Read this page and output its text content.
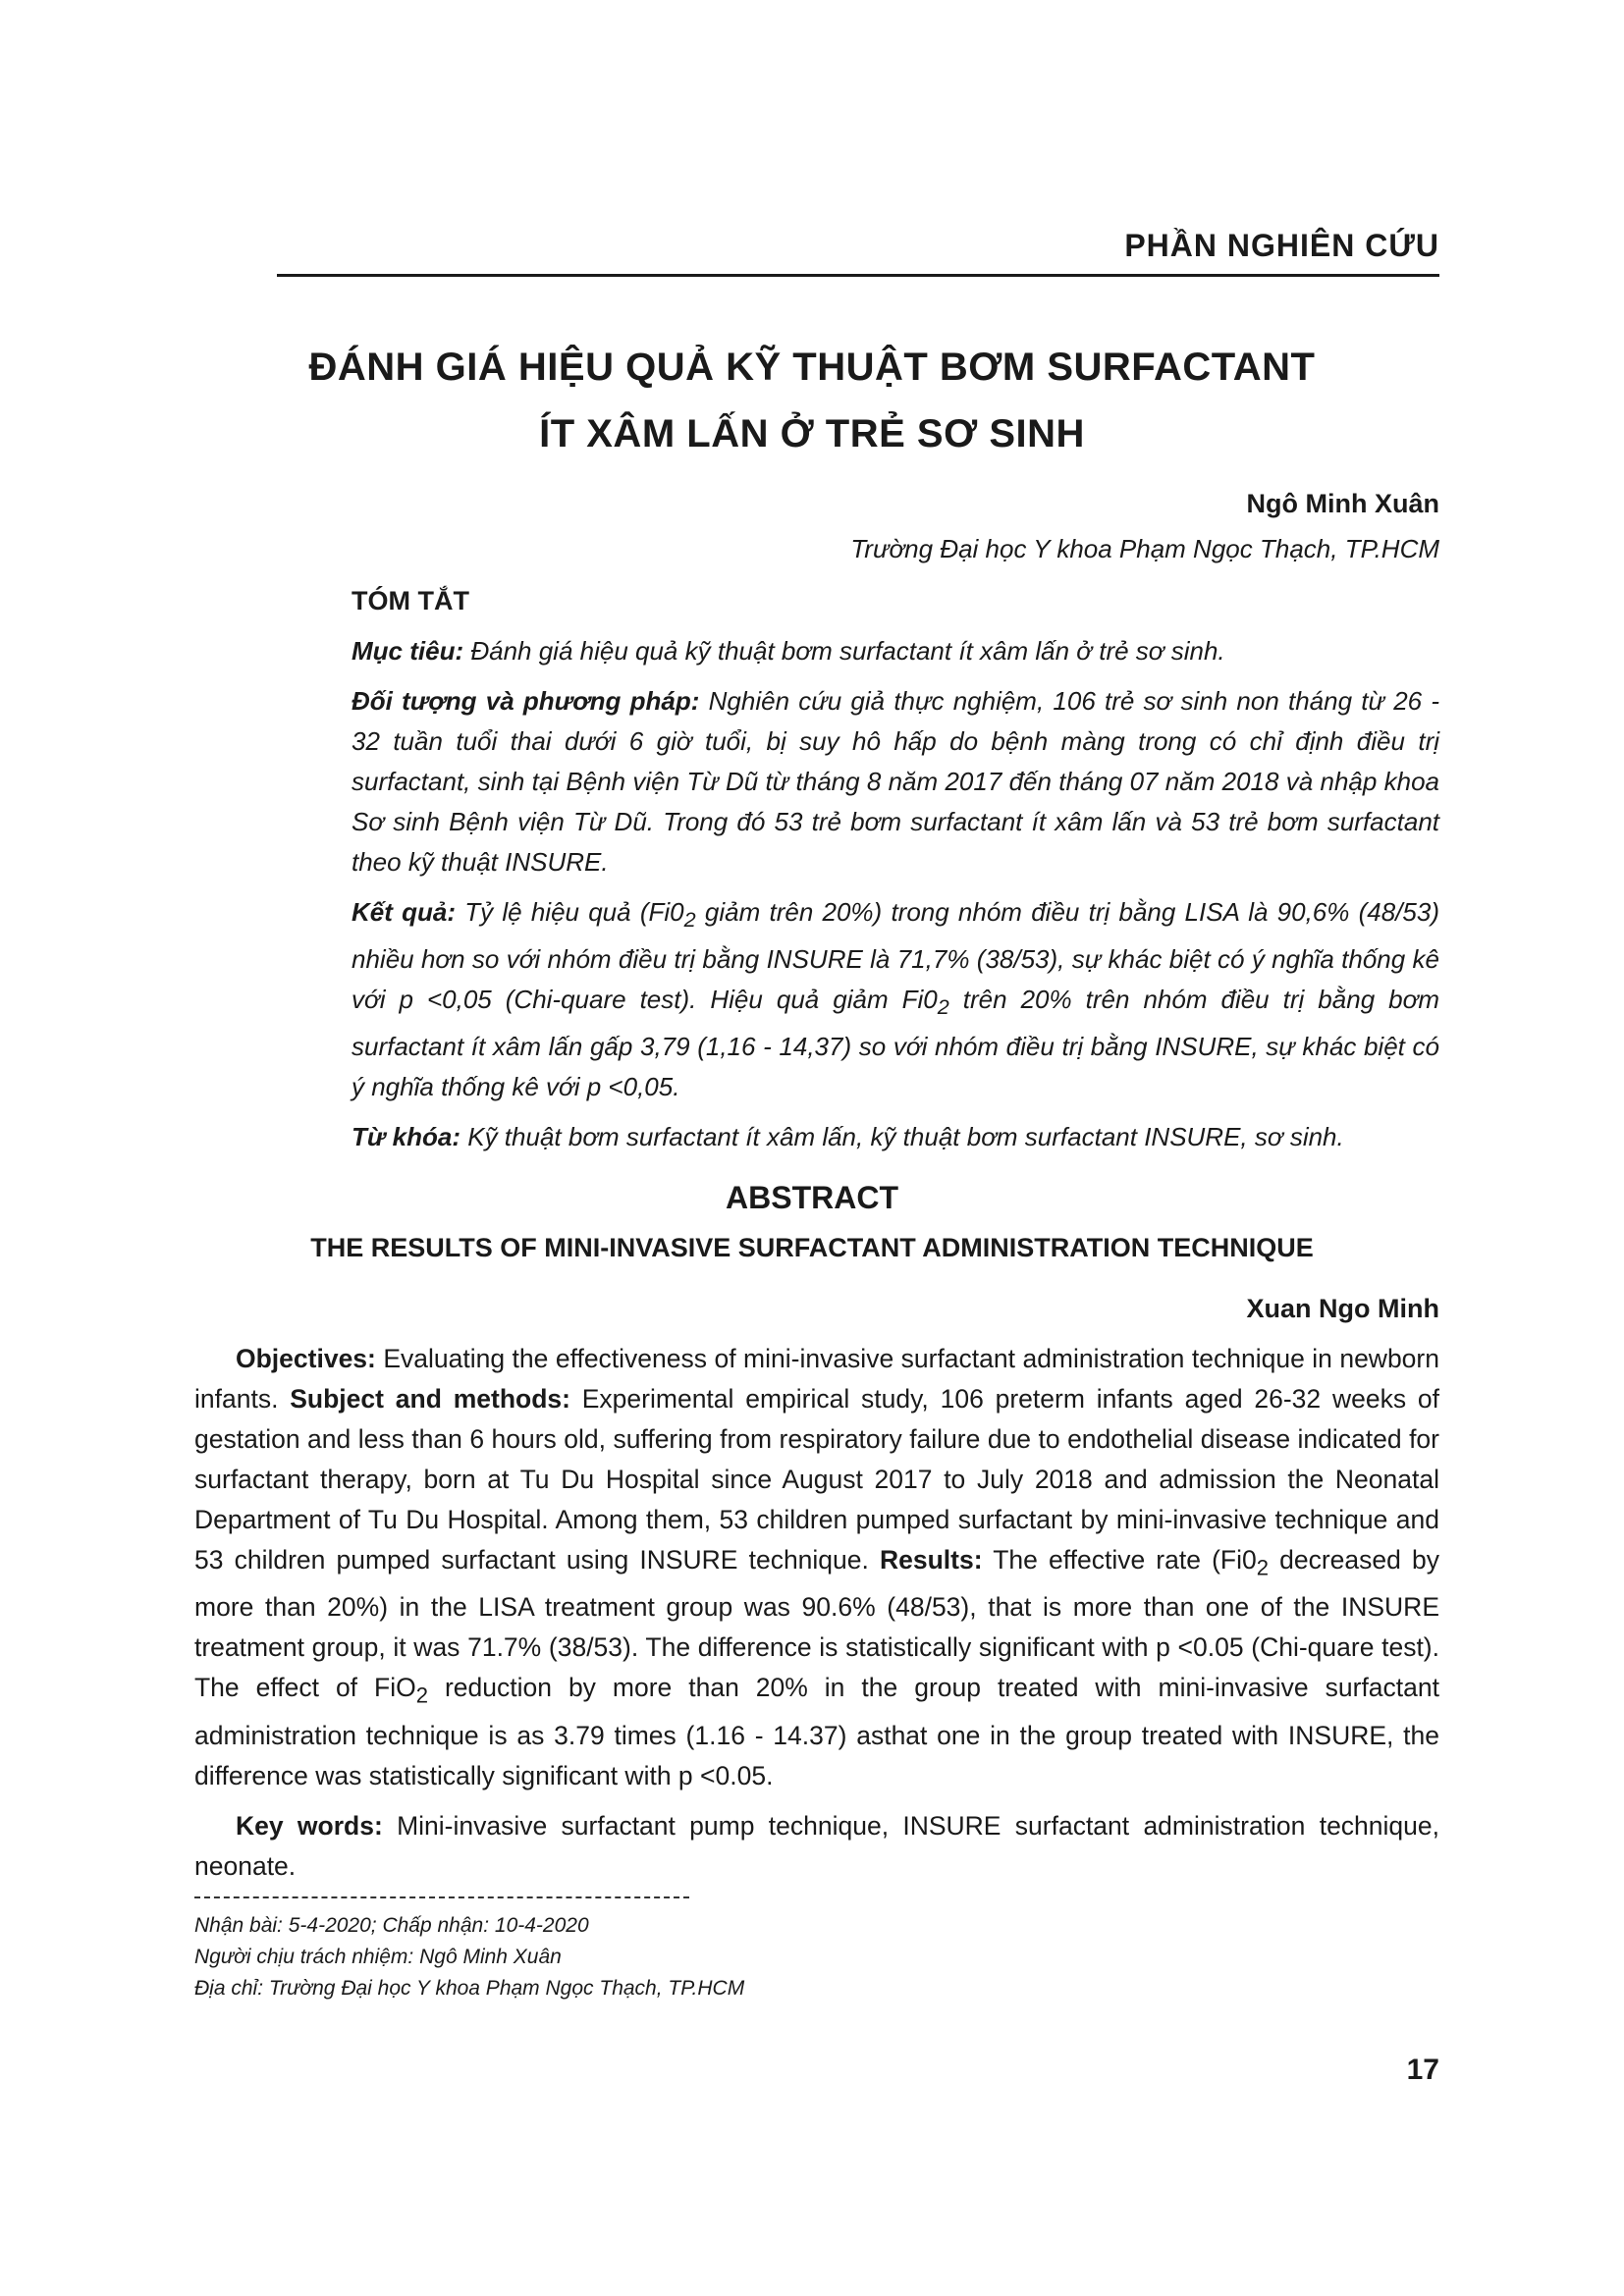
PHẦN NGHIÊN CỨU
ĐÁNH GIÁ HIỆU QUẢ KỸ THUẬT BƠM SURFACTANT
ÍT XÂM LẤN Ở TRẺ SƠ SINH
Ngô Minh Xuân
Trường Đại học Y khoa Phạm Ngọc Thạch, TP.HCM
TÓM TẮT

Mục tiêu: Đánh giá hiệu quả kỹ thuật bơm surfactant ít xâm lấn ở trẻ sơ sinh.

Đối tượng và phương pháp: Nghiên cứu giả thực nghiệm, 106 trẻ sơ sinh non tháng từ 26 - 32 tuần tuổi thai dưới 6 giờ tuổi, bị suy hô hấp do bệnh màng trong có chỉ định điều trị surfactant, sinh tại Bệnh viện Từ Dũ từ tháng 8 năm 2017 đến tháng 07 năm 2018 và nhập khoa Sơ sinh Bệnh viện Từ Dũ. Trong đó 53 trẻ bơm surfactant ít xâm lấn và 53 trẻ bơm surfactant theo kỹ thuật INSURE.

Kết quả: Tỷ lệ hiệu quả ($Fi0_2$ giảm trên 20%) trong nhóm điều trị bằng LISA là 90,6% (48/53) nhiều hơn so với nhóm điều trị bằng INSURE là 71,7% (38/53), sự khác biệt có ý nghĩa thống kê với p <0,05 (Chi-quare test). Hiệu quả giảm $Fi0_2$ trên 20% trên nhóm điều trị bằng bơm surfactant ít xâm lấn gấp 3,79 (1,16 - 14,37) so với nhóm điều trị bằng INSURE, sự khác biệt có ý nghĩa thống kê với p <0,05.

Từ khóa: Kỹ thuật bơm surfactant ít xâm lấn, kỹ thuật bơm surfactant INSURE, sơ sinh.

ABSTRACT
THE RESULTS OF MINI-INVASIVE SURFACTANT ADMINISTRATION TECHNIQUE
Xuan Ngo Minh

Objectives: Evaluating the effectiveness of mini-invasive surfactant administration technique in newborn infants. Subject and methods: Experimental empirical study, 106 preterm infants aged 26-32 weeks of gestation and less than 6 hours old, suffering from respiratory failure due to endothelial disease indicated for surfactant therapy, born at Tu Du Hospital since August 2017 to July 2018 and admission the Neonatal Department of Tu Du Hospital. Among them, 53 children pumped surfactant by mini-invasive technique and 53 children pumped surfactant using INSURE technique. Results: The effective rate ($Fi0_2$ decreased by more than 20%) in the LISA treatment group was 90.6% (48/53), that is more than one of the INSURE treatment group, it was 71.7% (38/53). The difference is statistically significant with p <0.05 (Chi-quare test). The effect of FiO$_2$ reduction by more than 20% in the group treated with mini-invasive surfactant administration technique is as 3.79 times (1.16 - 14.37) asthat one in the group treated with INSURE, the difference was statistically significant with p <0.05.

Key words: Mini-invasive surfactant pump technique, INSURE surfactant administration technique, neonate.

Nhận bài: 5-4-2020; Chấp nhận: 10-4-2020
Người chịu trách nhiệm: Ngô Minh Xuân
Địa chỉ: Trường Đại học Y khoa Phạm Ngọc Thạch, TP.HCM
17
